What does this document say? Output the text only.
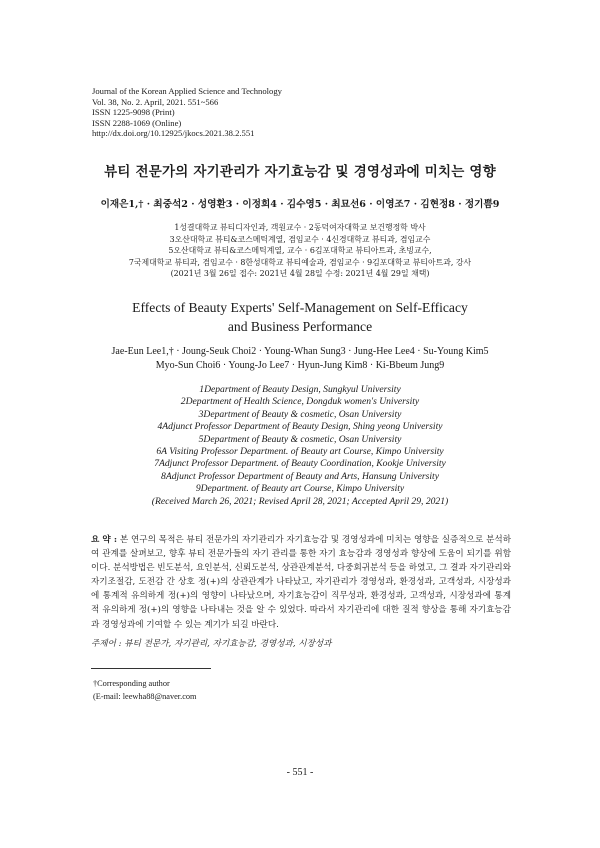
Journal of the Korean Applied Science and Technology
Vol. 38, No. 2. April, 2021. 551~566
ISSN 1225-9098 (Print)
ISSN 2288-1069 (Online)
http://dx.doi.org/10.12925/jkocs.2021.38.2.551
뷰티 전문가의 자기관리가 자기효능감 및 경영성과에 미치는 영향
이재은1,† · 최중석2 · 성영환3 · 이정희4 · 김수영5 · 최묘선6 · 이영조7 · 김현정8 · 정기쁨9
1성결대학교 뷰티디자인과, 객원교수 · 2동덕여자대학교 보건행정학 박사
3오산대학교 뷰티&코스메틱계열, 겸임교수 · 4신경대학교 뷰티과, 겸임교수
5오산대학교 뷰티&코스메틱계열, 교수 · 6김포대학교 뷰티아트과, 초빙교수,
7국제대학교 뷰티과, 겸임교수 · 8한성대학교 뷰티예술과, 겸임교수 · 9김포대학교 뷰티아트과, 강사
(2021년 3월 26일 접수: 2021년 4월 28일 수정: 2021년 4월 29일 채택)
Effects of Beauty Experts' Self-Management on Self-Efficacy
and Business Performance
Jae-Eun Lee1,† · Joung-Seuk Choi2 · Young-Whan Sung3 · Jung-Hee Lee4 · Su-Young Kim5
Myo-Sun Choi6 · Young-Jo Lee7 · Hyun-Jung Kim8 · Ki-Bbeum Jung9
1Department of Beauty Design, Sungkyul University
2Department of Health Science, Dongduk women's University
3Department of Beauty & cosmetic, Osan University
4Adjunct Professor Department of Beauty Design, Shing yeong University
5Department of Beauty & cosmetic, Osan University
6A Visiting Professor Department. of Beauty art Course, Kimpo University
7Adjunct Professor Department. of Beauty Coordination, Kookje University
8Adjunct Professor Department of Beauty and Arts, Hansung University
9Department. of Beauty art Course, Kimpo University
(Received March 26, 2021; Revised April 28, 2021; Accepted April 29, 2021)
요 약 : 본 연구의 목적은 뷰티 전문가의 자기관리가 자기효능감 및 경영성과에 미치는 영향을 실증적으로 분석하여 관계를 살펴보고, 향후 뷰티 전문가들의 자기 관리를 통한 자기 효능감과 경영성과 향상에 도움이 되기를 위함이다. 분석방법은 빈도분석, 요인분석, 신뢰도분석, 상관관계분석, 다중회귀분석 등을 하였고, 그 결과 자기관리와 자기조절감, 도전감 간 상호 정(+)의 상관관계가 나타났고, 자기관리가 경영성과, 환경성과, 고객성과, 시장성과에 통계적 유의하게 정(+)의 영향이 나타났으며, 자기효능감이 직무성과, 환경성과, 고객성과, 시장성과에 통계적 유의하게 정(+)의 영향을 나타내는 것을 알 수 있었다. 따라서 자기관리에 대한 질적 향상을 통해 자기효능감과 경영성과에 기여할 수 있는 계기가 되길 바란다.
주제어 : 뷰티 전문가, 자기관리, 자기효능감, 경영성과, 시장성과
†Corresponding author
(E-mail: leewha88@naver.com
- 551 -
